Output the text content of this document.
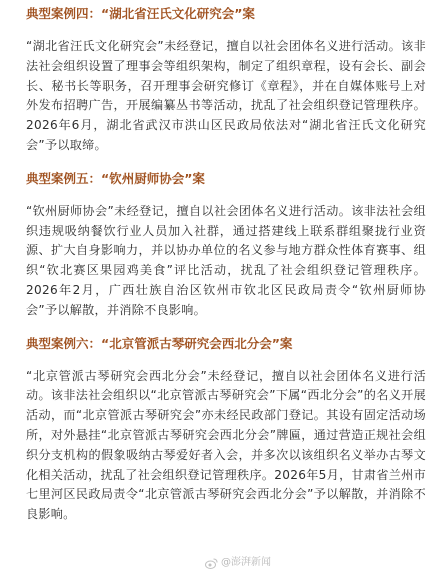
典型案例四：“湖北省汪氏文化研究会”案

“湖北省汪氏文化研究会”未经登记，擅自以社会团体名义进行活动。该非法社会组织设置了理事会等组织架构，制定了组织章程，设有会长、副会长、秘书长等职务，召开理事会研究修订《章程》，并在自媒体账号上对外发布招聘广告，开展编纂丛书等活动，扰乱了社会组织登记管理秩序。2026年6月，湖北省武汉市洪山区民政局依法对“湖北省汪氏文化研究会”予以取缔。

典型案例五：“钦州厨师协会”案

“钦州厨师协会”未经登记，擅自以社会团体名义进行活动。该非法社会组织违规吸纳餐饮行业人员加入社群，通过搭建线上联系群组聚拢行业资源、扩大自身影响力，并以协办单位的名义参与地方群众性体育赛事、组织“钦北赛区果园鸡美食”评比活动，扰乱了社会组织登记管理秩序。2026年2月，广西壮族自治区钦州市钦北区民政局责令“钦州厨师协会”予以解散，并消除不良影响。

典型案例六：“北京管派古琴研究会西北分会”案

“北京管派古琴研究会西北分会”未经登记，擅自以社会团体名义进行活动。该非法社会组织以“北京管派古琴研究会”下属“西北分会”的名义开展活动，而“北京管派古琴研究会”亦未经民政部门登记。其设有固定活动场所，对外悬挂“北京管派古琴研究会西北分会”牌匾，通过营造正规社会组织分支机构的假象吸纳古琴爱好者入会，并多次以该组织名义举办古琴文化相关活动，扰乱了社会组织登记管理秩序。2026年5月，甘肃省兰州市七里河区民政局责令“北京管派古琴研究会西北分会”予以解散，并消除不良影响。

@澎湃新闻
